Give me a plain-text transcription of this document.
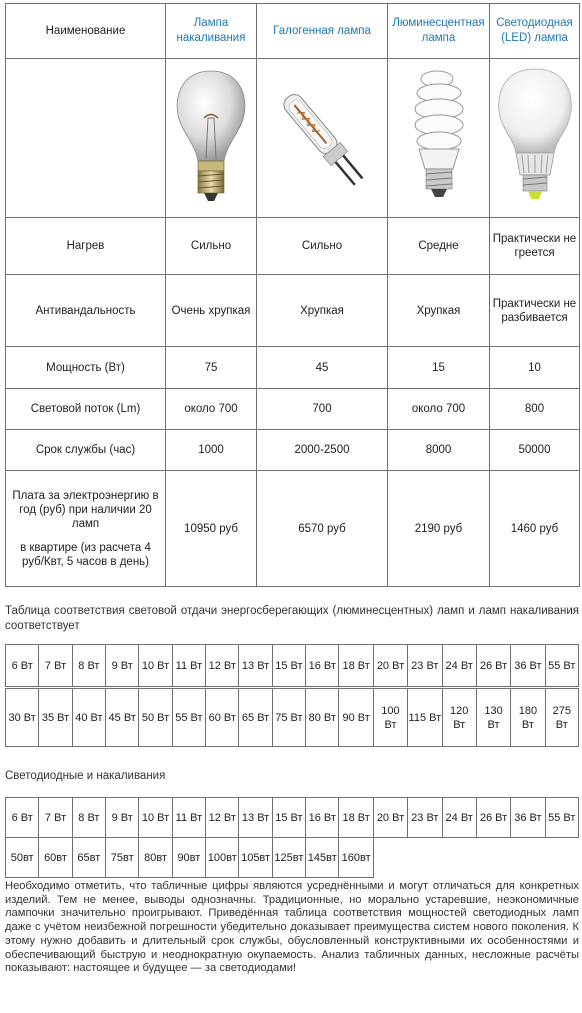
Наименование	Лампа накаливания	Галогенная лампа	Люминесцентная лампа	Светодиодная (LED) лампа

Нагрев	Сильно	Сильно	Средне	Практически не греется
Антивандальность	Очень хрупкая	Хрупкая	Хрупкая	Практически не разбивается
Мощность (Вт)	75	45	15	10
Световой поток (Lm)	около 700	700	около 700	800
Срок службы (час)	1000	2000-2500	8000	50000

Плата за электроэнергию в год (руб) при наличии 20 ламп
в квартире (из расчета 4 руб/Квт, 5 часов в день)	10950 руб	6570 руб	2190 руб	1460 руб
Таблица соответствия световой отдачи энергосберегающих (люминесцентных) ламп и ламп накаливания соответствует
6 Вт	7 Вт	8 Вт	9 Вт	10 Вт	11 Вт	12 Вт	13 Вт	15 Вт	16 Вт	18 Вт	20 Вт	23 Вт	24 Вт	26 Вт	36 Вт	55 Вт

30 Вт	35 Вт	40 Вт	45 Вт	50 Вт	55 Вт	60 Вт	65 Вт	75 Вт	80 Вт	90 Вт	100 Вт	115 Вт	120 Вт	130 Вт	180 Вт	275 Вт
Светодиодные и накаливания
6 Вт	7 Вт	8 Вт	9 Вт	10 Вт	11 Вт	12 Вт	13 Вт	15 Вт	16 Вт	18 Вт	20 Вт	23 Вт	24 Вт	26 Вт	36 Вт	55 Вт
50вт	60вт	65вт	75вт	80вт	90вт	100вт	105вт	125вт	145вт	160вт						
Необходимо отметить, что табличные цифры являются усреднёнными и могут отличаться для конкретных изделий. Тем не менее, выводы однозначны. Традиционные, но морально устаревшие, неэкономичные лампочки значительно проигрывают. Приведённая таблица соответствия мощностей светодиодных ламп даже с учётом неизбежной погрешности убедительно доказывает преимущества систем нового поколения. К этому нужно добавить и длительный срок службы, обусловленный конструктивными их особенностями и обеспечивающий быструю и неоднократную окупаемость. Анализ табличных данных, несложные расчёты показывают: настоящее и будущее — за светодиодами!
